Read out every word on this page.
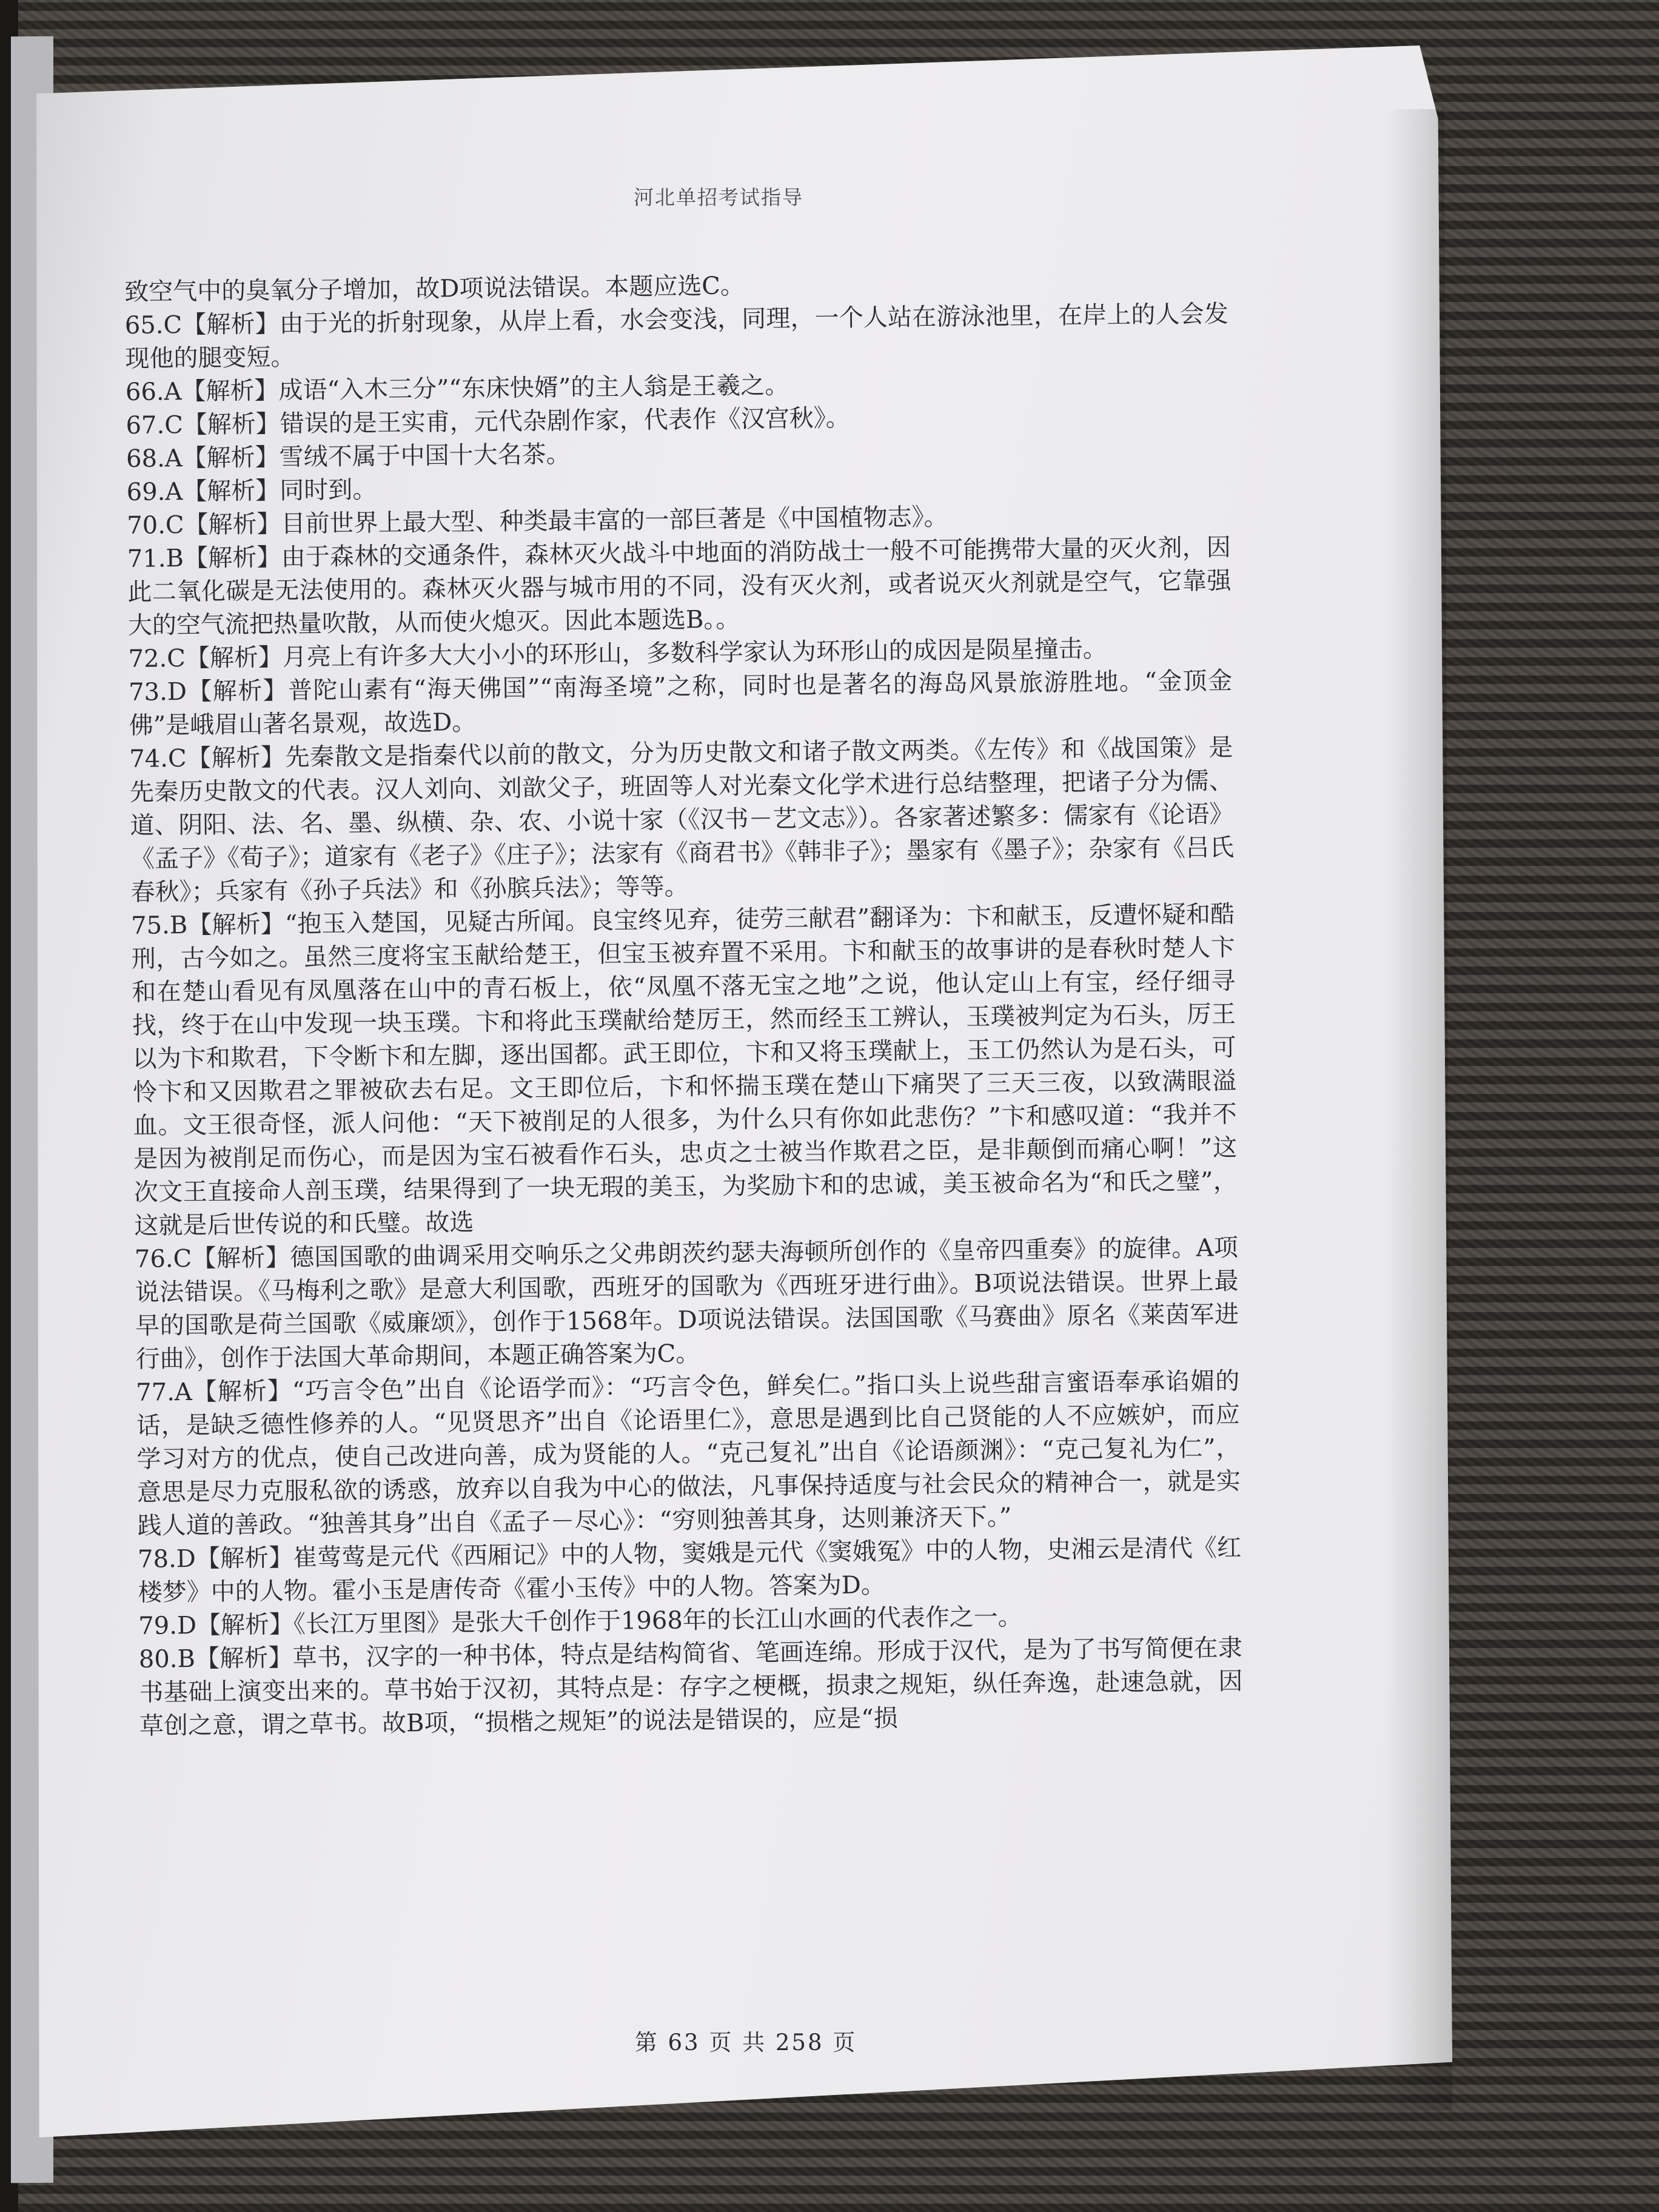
河北单招考试指导

致空气中的臭氧分子增加，故D项说法错误。本题应选C。

65.C【解析】由于光的折射现象，从岸上看，水会变浅，同理，一个人站在游泳池里，在岸上的人会发现他的腿变短。

66.A【解析】成语“入木三分”“东床快婿”的主人翁是王羲之。

67.C【解析】错误的是王实甫，元代杂剧作家，代表作《汉宫秋》。

68.A【解析】雪绒不属于中国十大名茶。

69.A【解析】同时到。

70.C【解析】目前世界上最大型、种类最丰富的一部巨著是《中国植物志》。

71.B【解析】由于森林的交通条件，森林灭火战斗中地面的消防战士一般不可能携带大量的灭火剂，因此二氧化碳是无法使用的。森林灭火器与城市用的不同，没有灭火剂，或者说灭火剂就是空气，它靠强大的空气流把热量吹散，从而使火熄灭。因此本题选B。。

72.C【解析】月亮上有许多大大小小的环形山，多数科学家认为环形山的成因是陨星撞击。

73.D【解析】普陀山素有“海天佛国”“南海圣境”之称，同时也是著名的海岛风景旅游胜地。“金顶金佛”是峨眉山著名景观，故选D。

74.C【解析】先秦散文是指秦代以前的散文，分为历史散文和诸子散文两类。《左传》和《战国策》是先秦历史散文的代表。汉人刘向、刘歆父子，班固等人对光秦文化学术进行总结整理，把诸子分为儒、道、阴阳、法、名、墨、纵横、杂、农、小说十家（《汉书－艺文志》）。各家著述繁多：儒家有《论语》《孟子》《荀子》；道家有《老子》《庄子》；法家有《商君书》《韩非子》；墨家有《墨子》；杂家有《吕氏春秋》；兵家有《孙子兵法》和《孙膑兵法》；等等。

75.B【解析】“抱玉入楚国，见疑古所闻。良宝终见弃，徒劳三献君”翻译为：卞和献玉，反遭怀疑和酷刑，古今如之。虽然三度将宝玉献给楚王，但宝玉被弃置不采用。卞和献玉的故事讲的是春秋时楚人卞和在楚山看见有凤凰落在山中的青石板上，依“凤凰不落无宝之地”之说，他认定山上有宝，经仔细寻找，终于在山中发现一块玉璞。卞和将此玉璞献给楚厉王，然而经玉工辨认，玉璞被判定为石头，厉王以为卞和欺君，下令断卞和左脚，逐出国都。武王即位，卞和又将玉璞献上，玉工仍然认为是石头，可怜卞和又因欺君之罪被砍去右足。文王即位后，卞和怀揣玉璞在楚山下痛哭了三天三夜，以致满眼溢血。文王很奇怪，派人问他：“天下被削足的人很多，为什么只有你如此悲伤？”卞和感叹道：“我并不是因为被削足而伤心，而是因为宝石被看作石头，忠贞之士被当作欺君之臣，是非颠倒而痛心啊！”这次文王直接命人剖玉璞，结果得到了一块无瑕的美玉，为奖励卞和的忠诚，美玉被命名为“和氏之璧”，这就是后世传说的和氏璧。故选

76.C【解析】德国国歌的曲调采用交响乐之父弗朗茨约瑟夫海顿所创作的《皇帝四重奏》的旋律。A项说法错误。《马梅利之歌》是意大利国歌，西班牙的国歌为《西班牙进行曲》。B项说法错误。世界上最早的国歌是荷兰国歌《威廉颂》，创作于1568年。D项说法错误。法国国歌《马赛曲》原名《莱茵军进行曲》，创作于法国大革命期间，本题正确答案为C。

77.A【解析】“巧言令色”出自《论语学而》：“巧言令色，鲜矣仁。”指口头上说些甜言蜜语奉承谄媚的话，是缺乏德性修养的人。“见贤思齐”出自《论语里仁》，意思是遇到比自己贤能的人不应嫉妒，而应学习对方的优点，使自己改进向善，成为贤能的人。“克己复礼”出自《论语颜渊》：“克己复礼为仁”，意思是尽力克服私欲的诱惑，放弃以自我为中心的做法，凡事保持适度与社会民众的精神合一，就是实践人道的善政。“独善其身”出自《孟子－尽心》：“穷则独善其身，达则兼济天下。”

78.D【解析】崔莺莺是元代《西厢记》中的人物，窦娥是元代《窦娥冤》中的人物，史湘云是清代《红楼梦》中的人物。霍小玉是唐传奇《霍小玉传》中的人物。答案为D。

79.D【解析】《长江万里图》是张大千创作于1968年的长江山水画的代表作之一。

80.B【解析】草书，汉字的一种书体，特点是结构简省、笔画连绵。形成于汉代，是为了书写简便在隶书基础上演变出来的。草书始于汉初，其特点是：存字之梗概，损隶之规矩，纵任奔逸，赴速急就，因草创之意，谓之草书。故B项，“损楷之规矩”的说法是错误的，应是“损

第 63 页 共 258 页
